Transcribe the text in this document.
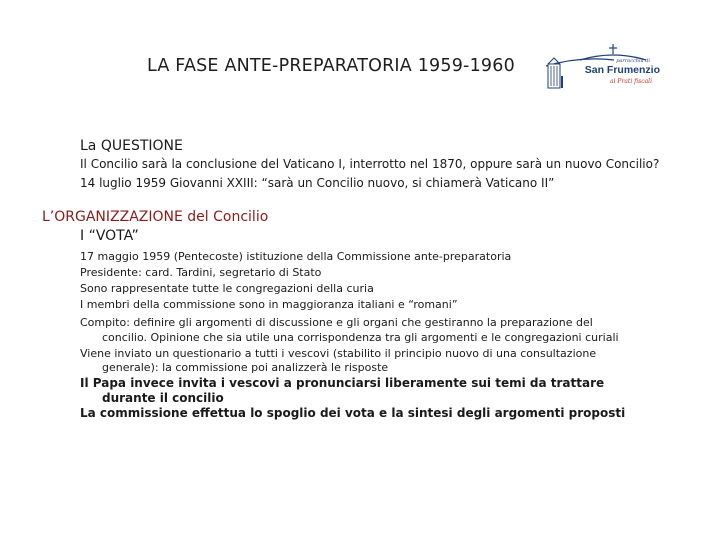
LA FASE ANTE-PREPARATORIA 1959-1960	parrocchia di
San Frumenzio
ai Prati fiscali
La QUESTIONE
Il Concilio sarà la conclusione del Vaticano I, interrotto nel 1870, oppure sarà un nuovo Concilio?
14 luglio 1959 Giovanni XXIII: “sarà un Concilio nuovo, si chiamerà Vaticano II”
L’ORGANIZZAZIONE del Concilio
I “VOTA”
17 maggio 1959 (Pentecoste) istituzione della Commissione ante-preparatoria
Presidente: card. Tardini, segretario di Stato
Sono rappresentate tutte le congregazioni della curia
I membri della commissione sono in maggioranza italiani e “romani”
Compito: definire gli argomenti di discussione e gli organi che gestiranno la preparazione del
concilio. Opinione che sia utile una corrispondenza tra gli argomenti e le congregazioni curiali
Viene inviato un questionario a tutti i vescovi (stabilito il principio nuovo di una consultazione
generale): la commissione poi analizzerà le risposte
Il Papa invece invita i vescovi a pronunciarsi liberamente sui temi da trattare
durante il concilio
La commissione effettua lo spoglio dei vota e la sintesi degli argomenti proposti
